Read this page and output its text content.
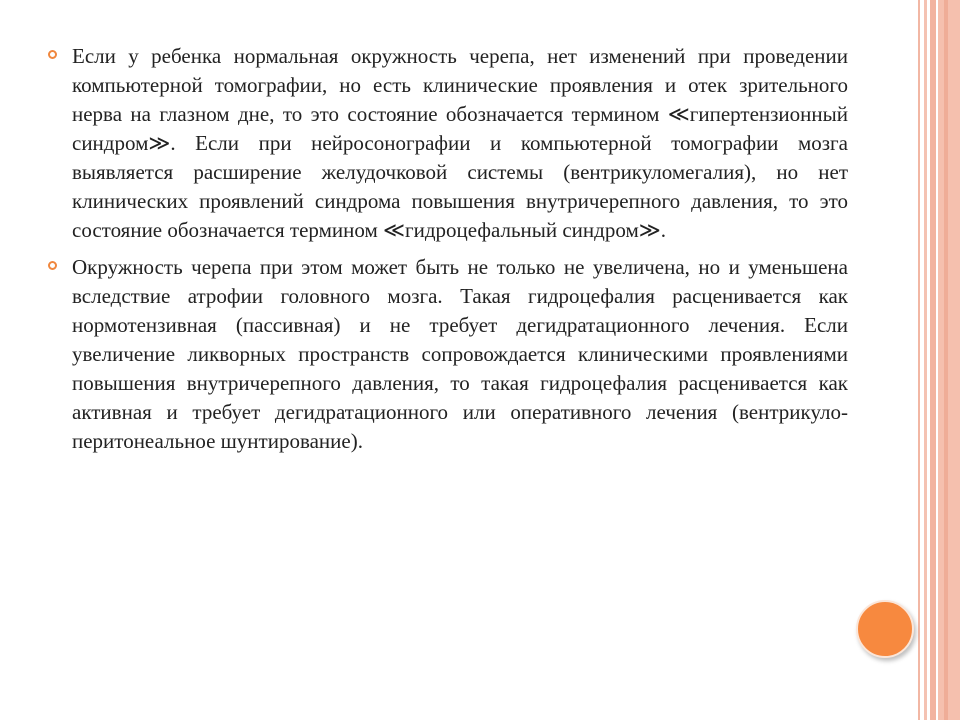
Если у ребенка нормальная окружность черепа, нет изменений при проведении компьютерной томографии, но есть клинические проявления и отек зрительного нерва на глазном дне, то это состояние обозначается термином ≪гипертензионный синдром≫. Если при нейросонографии и компьютерной томографии мозга выявляется расширение желудочковой системы (вентрикуломегалия), но нет клинических проявлений синдрома повышения внутричерепного давления, то это состояние обозначается термином ≪гидроцефальный синдром≫.

Окружность черепа при этом может быть не только не увеличена, но и уменьшена вследствие атрофии головного мозга. Такая гидроцефалия расценивается как нормотензивная (пассивная) и не требует дегидратационного лечения. Если увеличение ликворных пространств сопровождается клиническими проявлениями повышения внутричерепного давления, то такая гидроцефалия расценивается как активная и требует дегидратационного или оперативного лечения (вентрикуло-перитонеальное шунтирование).
